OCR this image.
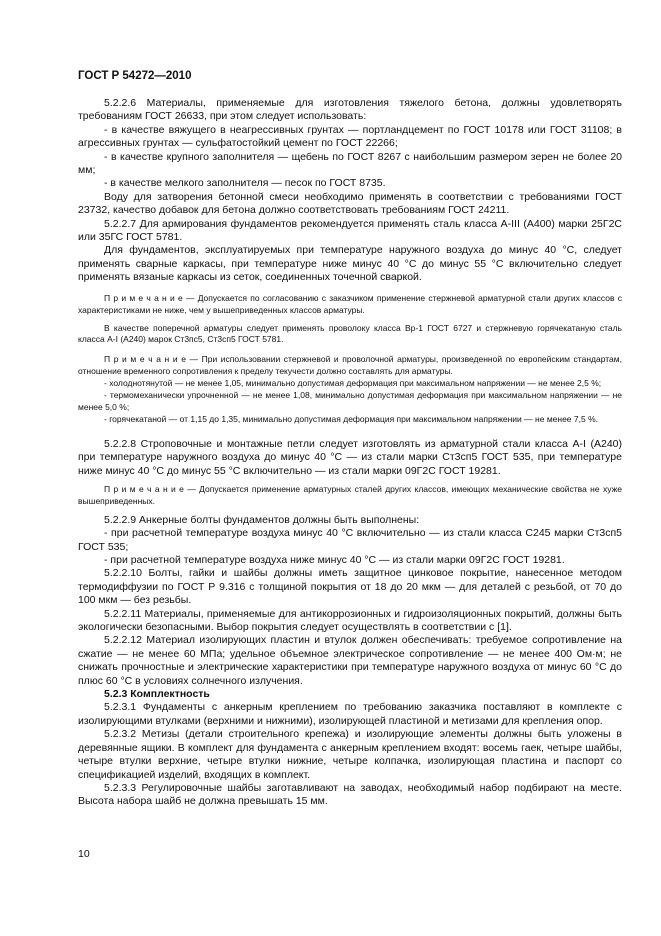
ГОСТ Р 54272—2010

5.2.2.6 Материалы, применяемые для изготовления тяжелого бетона, должны удовлетворять требованиям ГОСТ 26633, при этом следует использовать:

- в качестве вяжущего в неагрессивных грунтах — портландцемент по ГОСТ 10178 или ГОСТ 31108; в агрессивных грунтах — сульфатостойкий цемент по ГОСТ 22266;

- в качестве крупного заполнителя — щебень по ГОСТ 8267 с наибольшим размером зерен не более 20 мм;

- в качестве мелкого заполнителя — песок по ГОСТ 8735.

Воду для затворения бетонной смеси необходимо применять в соответствии с требованиями ГОСТ 23732, качество добавок для бетона должно соответствовать требованиям ГОСТ 24211.

5.2.2.7 Для армирования фундаментов рекомендуется применять сталь класса А-III (А400) марки 25Г2С или 35ГС ГОСТ 5781.

Для фундаментов, эксплуатируемых при температуре наружного воздуха до минус 40 °С, следует применять сварные каркасы, при температуре ниже минус 40 °С до минус 55 °С включительно следует применять вязаные каркасы из сеток, соединенных точечной сваркой.

П р и м е ч а н и е — Допускается по согласованию с заказчиком применение стержневой арматурной стали других классов с характеристиками не ниже, чем у вышеприведенных классов арматуры.

В качестве поперечной арматуры следует применять проволоку класса Вр-1 ГОСТ 6727 и стержневую горячекатаную сталь класса А-I (А240) марок Ст3пс5, Ст3сп5 ГОСТ 5781.

П р и м е ч а н и е — При использовании стержневой и проволочной арматуры, произведенной по европейским стандартам, отношение временного сопротивления к пределу текучести должно составлять для арматуры.

- холоднотянутой — не менее 1,05, минимально допустимая деформация при максимальном напряжении — не менее 2,5 %;

- термомеханически упрочненной — не менее 1,08, минимально допустимая деформация при максимальном напряжении — не менее 5,0 %;

- горячекатаной — от 1,15 до 1,35, минимально допустимая деформация при максимальном напряжении — не менее 7,5 %.

5.2.2.8 Строповочные и монтажные петли следует изготовлять из арматурной стали класса А-I (А240) при температуре наружного воздуха до минус 40 °С — из стали марки Ст3сп5 ГОСТ 535, при температуре ниже минус 40 °С до минус 55 °С включительно — из стали марки 09Г2С ГОСТ 19281.

П р и м е ч а н и е — Допускается применение арматурных сталей других классов, имеющих механические свойства не хуже вышеприведенных.

5.2.2.9 Анкерные болты фундаментов должны быть выполнены:

- при расчетной температуре воздуха минус 40 °С включительно — из стали класса С245 марки Ст3сп5 ГОСТ 535;

- при расчетной температуре воздуха ниже минус 40 °С — из стали марки 09Г2С ГОСТ 19281.

5.2.2.10 Болты, гайки и шайбы должны иметь защитное цинковое покрытие, нанесенное методом термодиффузии по ГОСТ Р 9.316 с толщиной покрытия от 18 до 20 мкм — для деталей с резьбой, от 70 до 100 мкм — без резьбы.

5.2.2.11 Материалы, применяемые для антикоррозионных и гидроизоляционных покрытий, должны быть экологически безопасными. Выбор покрытия следует осуществлять в соответствии с [1].

5.2.2.12 Материал изолирующих пластин и втулок должен обеспечивать: требуемое сопротивление на сжатие — не менее 60 МПа; удельное объемное электрическое сопротивление — не менее 400 Ом·м; не снижать прочностные и электрические характеристики при температуре наружного воздуха от минус 60 °С до плюс 60 °С в условиях солнечного излучения.

5.2.3 Комплектность

5.2.3.1 Фундаменты с анкерным креплением по требованию заказчика поставляют в комплекте с изолирующими втулками (верхними и нижними), изолирующей пластиной и метизами для крепления опор.

5.2.3.2 Метизы (детали строительного крепежа) и изолирующие элементы должны быть уложены в деревянные ящики. В комплект для фундамента с анкерным креплением входят: восемь гаек, четыре шайбы, четыре втулки верхние, четыре втулки нижние, четыре колпачка, изолирующая пластина и паспорт со спецификацией изделий, входящих в комплект.

5.2.3.3 Регулировочные шайбы заготавливают на заводах, необходимый набор подбирают на месте. Высота набора шайб не должна превышать 15 мм.

10
